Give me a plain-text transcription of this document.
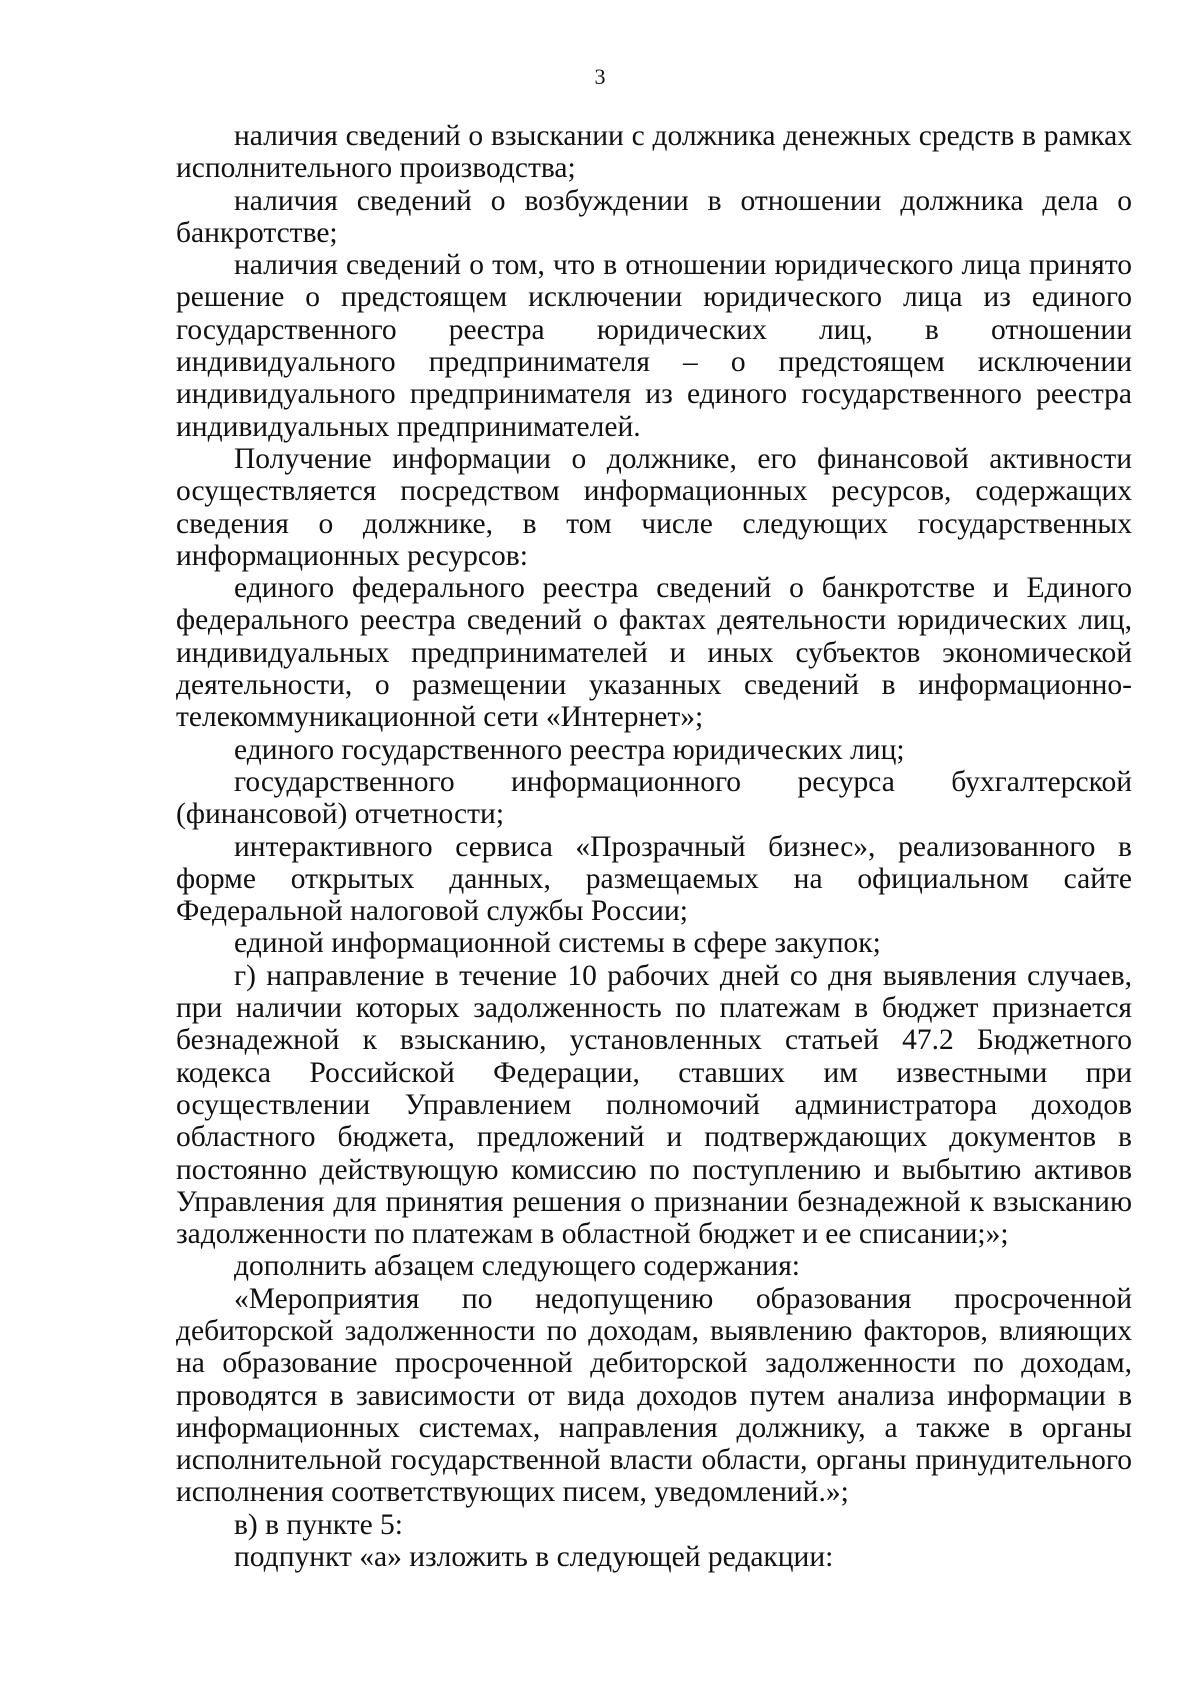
3

наличия сведений о взыскании с должника денежных средств в рамках исполнительного производства;

наличия сведений о возбуждении в отношении должника дела о банкротстве;

наличия сведений о том, что в отношении юридического лица принято решение о предстоящем исключении юридического лица из единого государственного реестра юридических лиц, в отношении индивидуального предпринимателя – о предстоящем исключении индивидуального предпринимателя из единого государственного реестра индивидуальных предпринимателей.

Получение информации о должнике, его финансовой активности осуществляется посредством информационных ресурсов, содержащих сведения о должнике, в том числе следующих государственных информационных ресурсов:

единого федерального реестра сведений о банкротстве и Единого федерального реестра сведений о фактах деятельности юридических лиц, индивидуальных предпринимателей и иных субъектов экономической деятельности, о размещении указанных сведений в информационно-телекоммуникационной сети «Интернет»;

единого государственного реестра юридических лиц;

государственного информационного ресурса бухгалтерской (финансовой) отчетности;

интерактивного сервиса «Прозрачный бизнес», реализованного в форме открытых данных, размещаемых на официальном сайте Федеральной налоговой службы России;

единой информационной системы в сфере закупок;

г) направление в течение 10 рабочих дней со дня выявления случаев, при наличии которых задолженность по платежам в бюджет признается безнадежной к взысканию, установленных статьей 47.2 Бюджетного кодекса Российской Федерации, ставших им известными при осуществлении Управлением полномочий администратора доходов областного бюджета, предложений и подтверждающих документов в постоянно действующую комиссию по поступлению и выбытию активов Управления для принятия решения о признании безнадежной к взысканию задолженности по платежам в областной бюджет и ее списании;»;

дополнить абзацем следующего содержания:

«Мероприятия по недопущению образования просроченной дебиторской задолженности по доходам, выявлению факторов, влияющих на образование просроченной дебиторской задолженности по доходам, проводятся в зависимости от вида доходов путем анализа информации в информационных системах, направления должнику, а также в органы исполнительной государственной власти области, органы принудительного исполнения соответствующих писем, уведомлений.»;

в) в пункте 5:

подпункт «а» изложить в следующей редакции:
